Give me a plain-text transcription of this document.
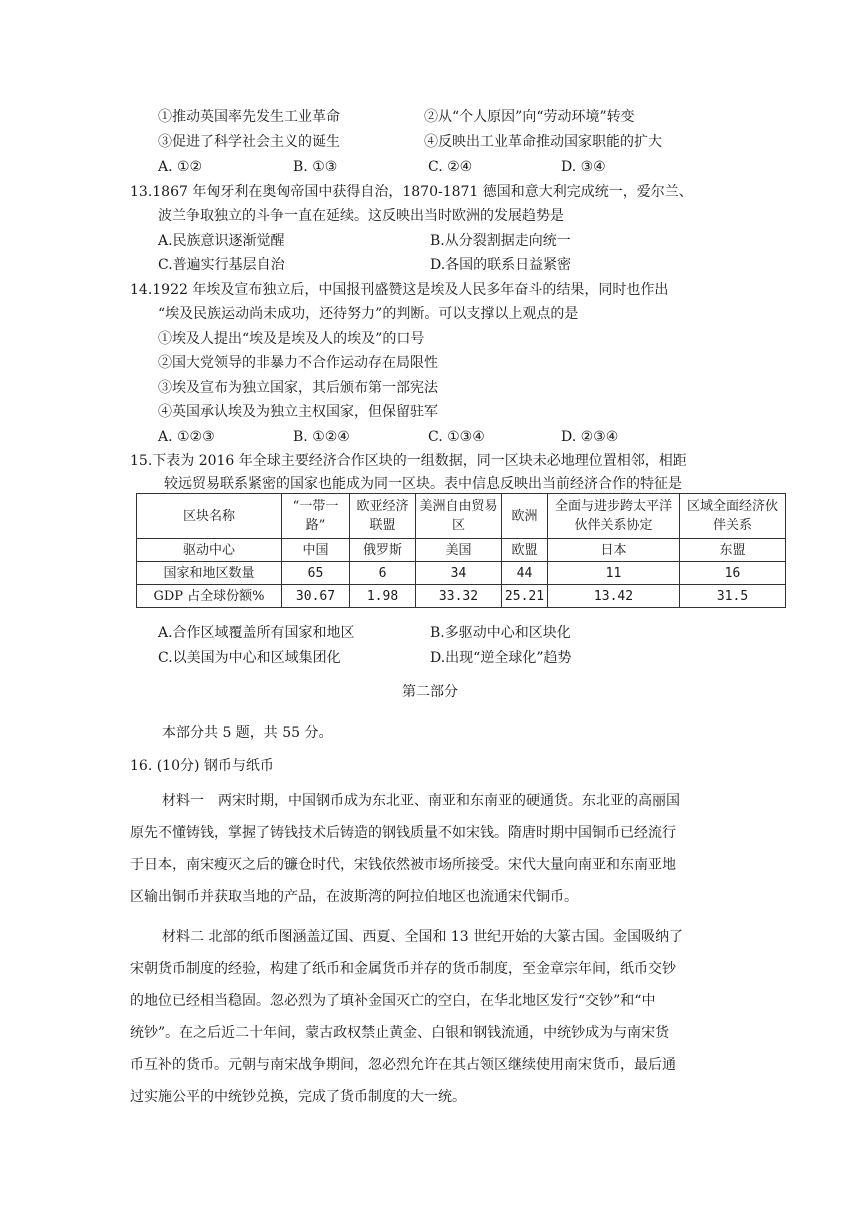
①推动英国率先发生工业革命	②从“个人原因”向“劳动环境”转变
③促进了科学社会主义的诞生	④反映出工业革命推动国家职能的扩大
A. ①②	B. ①③	C. ②④	D. ③④
13.1867 年匈牙利在奥匈帝国中获得自治，1870-1871 德国和意大利完成统一，爱尔兰、
波兰争取独立的斗争一直在延续。这反映出当时欧洲的发展趋势是
A.民族意识逐渐觉醒	B.从分裂割据走向统一
C.普遍实行基层自治	D.各国的联系日益紧密
14.1922 年埃及宣布独立后，中国报刊盛赞这是埃及人民多年奋斗的结果，同时也作出
“埃及民族运动尚未成功，还待努力”的判断。可以支撑以上观点的是
①埃及人提出“埃及是埃及人的埃及”的口号
②国大党领导的非暴力不合作运动存在局限性
③埃及宣布为独立国家，其后颁布第一部宪法
④英国承认埃及为独立主权国家，但保留驻军
A. ①②③	B. ①②④	C. ①③④	D. ②③④
15.下表为 2016 年全球主要经济合作区块的一组数据，同一区块未必地理位置相邻，相距
较远贸易联系紧密的国家也能成为同一区块。表中信息反映出当前经济合作的特征是
区块名称	“一带一路”	欧亚经济联盟	美洲自由贸易区	欧洲	全面与进步跨太平洋伙伴关系协定	区域全面经济伙伴关系
驱动中心	中国	俄罗斯	美国	欧盟	日本	东盟
国家和地区数量	65	6	34	44	11	16
GDP 占全球份额%	30.67	1.98	33.32	25.21	13.42	31.5
A.合作区域覆盖所有国家和地区	B.多驱动中心和区块化
C.以美国为中心和区域集团化	D.出现“逆全球化”趋势
第二部分
本部分共 5 题，共 55 分。
16. (10分) 钢币与纸币
材料一　两宋时期，中国钢币成为东北亚、南亚和东南亚的硬通货。东北亚的高丽国
原先不懂铸钱，掌握了铸钱技术后铸造的钢钱质量不如宋钱。隋唐时期中国铜币已经流行
于日本，南宋瘦灭之后的镰仓时代，宋钱依然被市场所接受。宋代大量向南亚和东南亚地
区输出铜币并获取当地的产品，在波斯湾的阿拉伯地区也流通宋代铜币。
材料二 北部的纸币图涵盖辽国、西夏、全国和 13 世纪开始的大篆古国。金国吸纳了
宋朝货币制度的经验，构建了纸币和金属货币并存的货币制度，至金章宗年间，纸币交钞
的地位已经相当稳固。忽必烈为了填补金国灭亡的空白，在华北地区发行“交钞”和“中
统钞”。在之后近二十年间，蒙古政权禁止黄金、白银和钢钱流通，中统钞成为与南宋货
币互补的货币。元朝与南宋战争期间，忽必烈允许在其占领区继续使用南宋货币，最后通
过实施公平的中统钞兑换，完成了货币制度的大一统。
